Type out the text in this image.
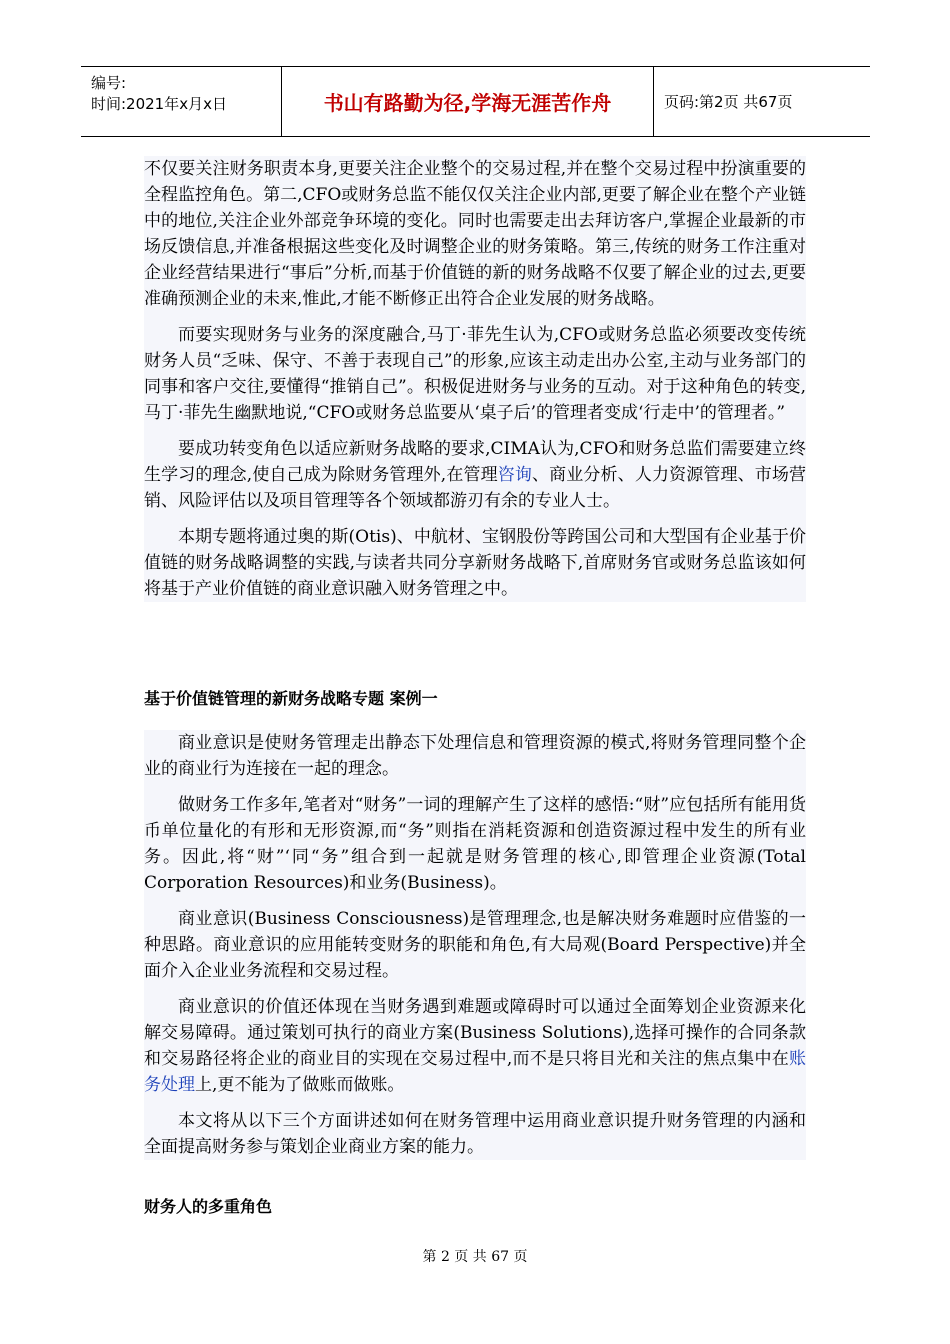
编号:
时间:2021年x月x日	书山有路勤为径,学海无涯苦作舟	页码:第2页 共67页

不仅要关注财务职责本身,更要关注企业整个的交易过程,并在整个交易过程中扮演重要的全程监控角色。第二,CFO或财务总监不能仅仅关注企业内部,更要了解企业在整个产业链中的地位,关注企业外部竞争环境的变化。同时也需要走出去拜访客户,掌握企业最新的市场反馈信息,并准备根据这些变化及时调整企业的财务策略。第三,传统的财务工作注重对企业经营结果进行“事后”分析,而基于价值链的新的财务战略不仅要了解企业的过去,更要准确预测企业的未来,惟此,才能不断修正出符合企业发展的财务战略。

而要实现财务与业务的深度融合,马丁·菲先生认为,CFO或财务总监必须要改变传统财务人员“乏味、保守、不善于表现自己”的形象,应该主动走出办公室,主动与业务部门的同事和客户交往,要懂得“推销自己”。积极促进财务与业务的互动。对于这种角色的转变,马丁·菲先生幽默地说,“CFO或财务总监要从‘桌子后’的管理者变成‘行走中’的管理者。”

要成功转变角色以适应新财务战略的要求,CIMA认为,CFO和财务总监们需要建立终生学习的理念,使自己成为除财务管理外,在管理咨询、商业分析、人力资源管理、市场营销、风险评估以及项目管理等各个领域都游刃有余的专业人士。

本期专题将通过奥的斯(Otis)、中航材、宝钢股份等跨国公司和大型国有企业基于价值链的财务战略调整的实践,与读者共同分享新财务战略下,首席财务官或财务总监该如何将基于产业价值链的商业意识融入财务管理之中。

基于价值链管理的新财务战略专题 案例一

商业意识是使财务管理走出静态下处理信息和管理资源的模式,将财务管理同整个企业的商业行为连接在一起的理念。

做财务工作多年,笔者对“财务”一词的理解产生了这样的感悟:“财”应包括所有能用货币单位量化的有形和无形资源,而“务”则指在消耗资源和创造资源过程中发生的所有业务。因此,将“财”‘同“务”组合到一起就是财务管理的核心,即管理企业资源(Total Corporation Resources)和业务(Business)。

商业意识(Business Consciousness)是管理理念,也是解决财务难题时应借鉴的一种思路。商业意识的应用能转变财务的职能和角色,有大局观(Board Perspective)并全面介入企业业务流程和交易过程。

商业意识的价值还体现在当财务遇到难题或障碍时可以通过全面筹划企业资源来化解交易障碍。通过策划可执行的商业方案(Business Solutions),选择可操作的合同条款和交易路径将企业的商业目的实现在交易过程中,而不是只将目光和关注的焦点集中在账务处理上,更不能为了做账而做账。

本文将从以下三个方面讲述如何在财务管理中运用商业意识提升财务管理的内涵和全面提高财务参与策划企业商业方案的能力。

财务人的多重角色
第 2 页 共 67 页
